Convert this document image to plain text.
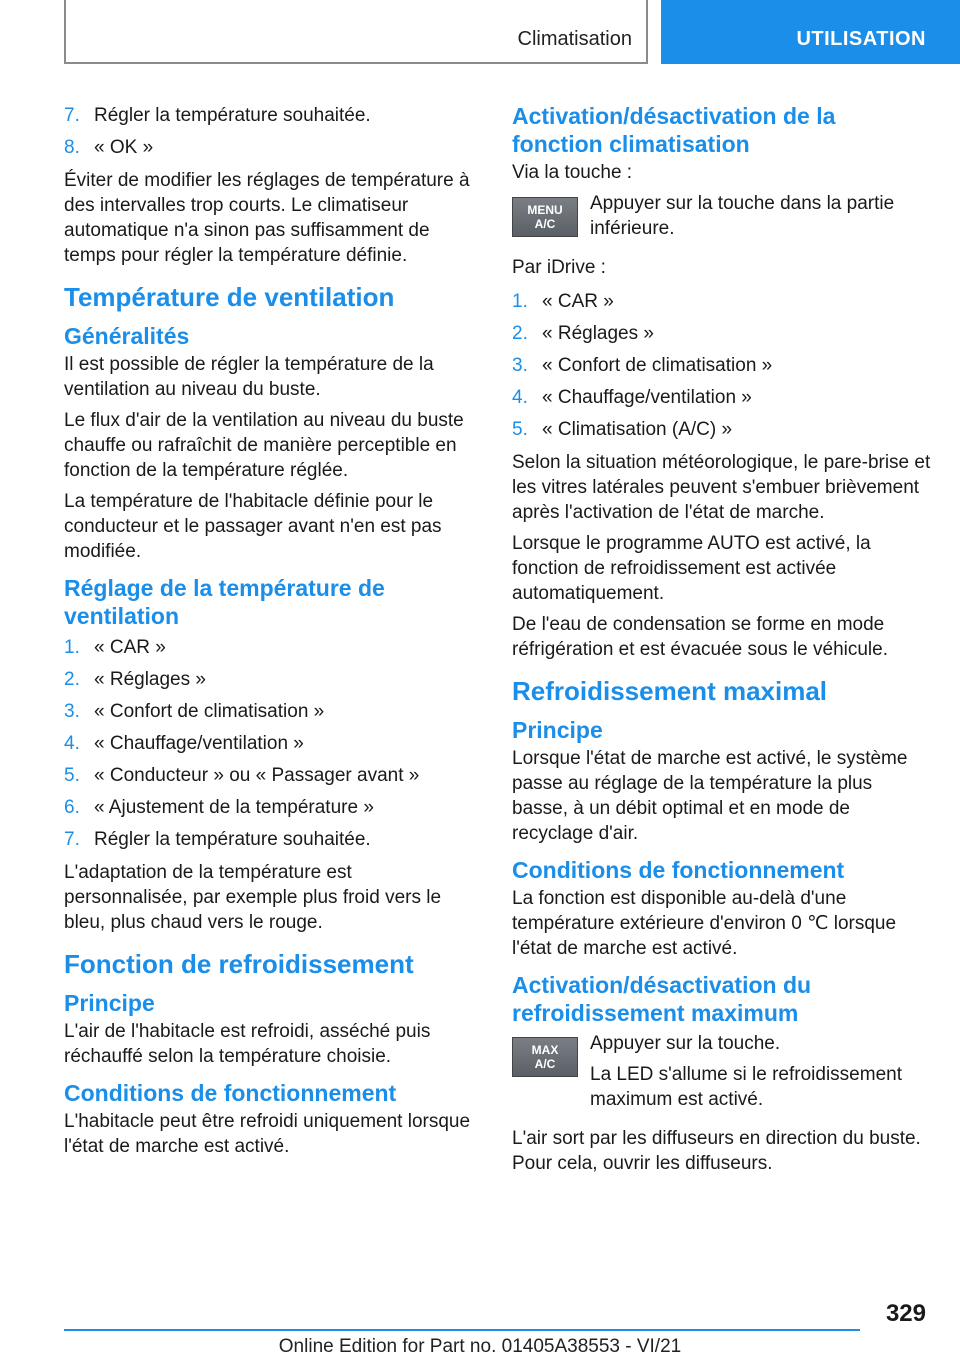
Climatisation	UTILISATION
7. Régler la température souhaitée.
8. « OK »

Éviter de modifier les réglages de température à des intervalles trop courts. Le climatiseur automatique n'a sinon pas suffisamment de temps pour régler la température définie.

Température de ventilation
Généralités

Il est possible de régler la température de la ventilation au niveau du buste.

Le flux d'air de la ventilation au niveau du buste chauffe ou rafraîchit de manière perceptible en fonction de la température réglée.

La température de l'habitacle définie pour le conducteur et le passager avant n'en est pas modifiée.

Réglage de la température de ventilation
1. « CAR »
2. « Réglages »
3. « Confort de climatisation »
4. « Chauffage/ventilation »
5. « Conducteur » ou « Passager avant »
6. « Ajustement de la température »
7. Régler la température souhaitée.

L'adaptation de la température est personnalisée, par exemple plus froid vers le bleu, plus chaud vers le rouge.

Fonction de refroidissement
Principe

L'air de l'habitacle est refroidi, asséché puis réchauffé selon la température choisie.

Conditions de fonctionnement

L'habitacle peut être refroidi uniquement lorsque l'état de marche est activé.

Activation/désactivation de la fonction climatisation

Via la touche :

MENU
A/C

Appuyer sur la touche dans la partie inférieure.

Par iDrive :

1. « CAR »
2. « Réglages »
3. « Confort de climatisation »
4. « Chauffage/ventilation »
5. « Climatisation (A/C) »

Selon la situation météorologique, le pare-brise et les vitres latérales peuvent s'embuer brièvement après l'activation de l'état de marche.

Lorsque le programme AUTO est activé, la fonction de refroidissement est activée automatiquement.

De l'eau de condensation se forme en mode réfrigération et est évacuée sous le véhicule.

Refroidissement maximal
Principe

Lorsque l'état de marche est activé, le système passe au réglage de la température la plus basse, à un débit optimal et en mode de recyclage d'air.

Conditions de fonctionnement

La fonction est disponible au-delà d'une température extérieure d'environ 0 ℃ lorsque l'état de marche est activé.

Activation/désactivation du refroidissement maximum
MAX
A/C

Appuyer sur la touche.

La LED s'allume si le refroidissement maximum est activé.

L'air sort par les diffuseurs en direction du buste. Pour cela, ouvrir les diffuseurs.

329
Online Edition for Part no. 01405A38553 - VI/21
